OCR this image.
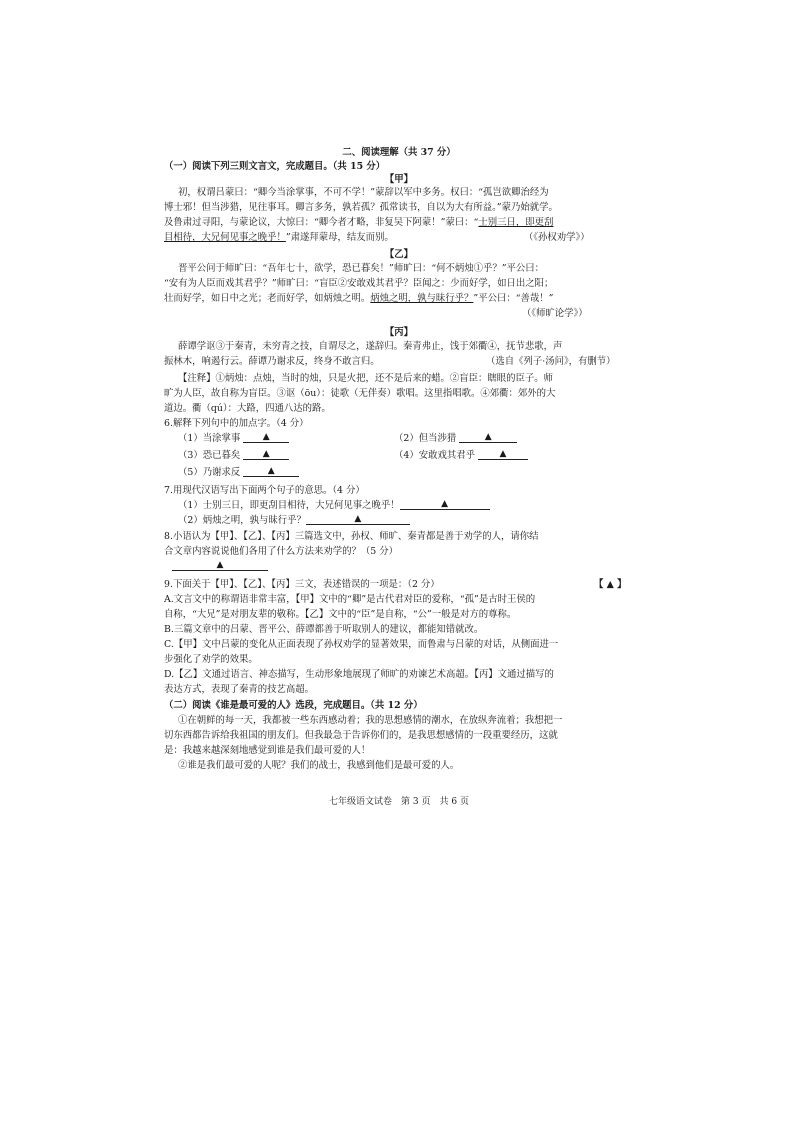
二、阅读理解（共 37 分）
（一）阅读下列三则文言文，完成题目。（共 15 分）
【甲】
初，权谓吕蒙曰：“卿今当涂掌事，不可不学！”蒙辞以军中多务。权曰：“孤岂欲卿治经为
博士邪！但当涉猎，见往事耳。卿言多务，孰若孤？孤常读书，自以为大有所益。”蒙乃始就学。
及鲁肃过寻阳，与蒙论议，大惊曰：“卿今者才略，非复吴下阿蒙！”蒙曰：“士别三日，即更刮
目相待，大兄何见事之晚乎！”肃遂拜蒙母，结友而别。	（《孙权劝学》）
【乙】
晋平公问于师旷曰：“吾年七十，欲学，恐已暮矣！”师旷曰：“何不炳烛①乎？”平公曰：
“安有为人臣而戏其君乎？”师旷曰：“盲臣②安敢戏其君乎？臣闻之：少而好学，如日出之阳；
壮而好学，如日中之光；老而好学，如炳烛之明。炳烛之明，孰与昧行乎？”平公曰：“善哉！”
（《师旷论学》）
【丙】
薛谭学讴③于秦青，未穷青之技，自谓尽之，遂辞归。秦青弗止，饯于郊衢④，抚节悲歌，声
振林木，响遏行云。薛谭乃谢求反，终身不敢言归。	（选自《列子·汤问》，有删节）
【注释】①炳烛：点烛，当时的烛，只是火把，还不是后来的蜡。②盲臣：瞎眼的臣子。师
旷为人臣，故自称为盲臣。③讴（ōu）：徒歌（无伴奏）歌唱。这里指唱歌。④郊衢：郊外的大
道边。衢（qú）：大路，四通八达的路。
6.解释下列句中的加点字。（4 分）
（1）当涂掌事	▲	（2）但当涉猎	▲
（3）恐已暮矣	▲	（4）安敢戏其君乎	▲
（5）乃谢求反	▲
7.用现代汉语写出下面两个句子的意思。（4 分）
（1）士别三日，即更刮目相待，大兄何见事之晚乎！	▲
（2）炳烛之明，孰与昧行乎？	▲
8.小语认为【甲】、【乙】、【丙】三篇选文中，孙权、师旷、秦青都是善于劝学的人，请你结
合文章内容说说他们各用了什么方法来劝学的？（5 分）
▲
9.下面关于【甲】、【乙】、【丙】三文，表述错误的一项是：（2 分）	【 ▲ 】
A.文言文中的称谓语非常丰富，【甲】文中的“卿”是古代君对臣的爱称，“孤”是古时王侯的
自称，“大兄”是对朋友辈的敬称。【乙】文中的“臣”是自称，“公”一般是对方的尊称。
B.三篇文章中的吕蒙、晋平公、薛谭都善于听取别人的建议，都能知错就改。
C.【甲】文中吕蒙的变化从正面表现了孙权劝学的显著效果，而鲁肃与吕蒙的对话，从侧面进一
步强化了劝学的效果。
D.【乙】文通过语言、神态描写，生动形象地展现了师旷的劝谏艺术高超。【丙】文通过描写的
表达方式，表现了秦青的技艺高超。
（二）阅读《谁是最可爱的人》选段，完成题目。（共 12 分）
①在朝鲜的每一天，我都被一些东西感动着；我的思想感情的潮水，在放纵奔流着；我想把一
切东西都告诉给我祖国的朋友们。但我最急于告诉你们的，是我思想感情的一段重要经历，这就
是：我越来越深刻地感觉到谁是我们最可爱的人！
②谁是我们最可爱的人呢？我们的战士，我感到他们是最可爱的人。
七年级语文试卷　第 3 页　共 6 页
